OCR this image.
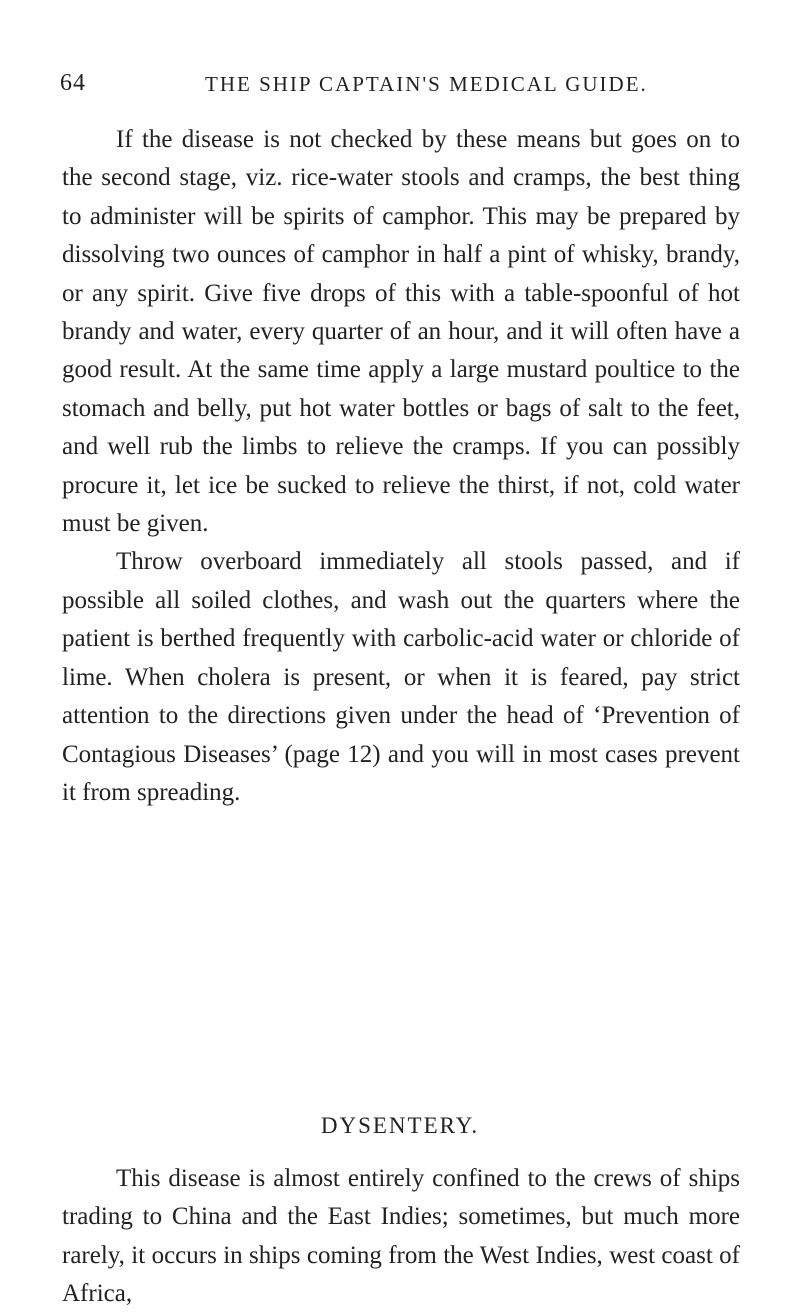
64	THE SHIP CAPTAIN'S MEDICAL GUIDE.

If the disease is not checked by these means but goes on to the second stage, viz. rice-water stools and cramps, the best thing to administer will be spirits of camphor. This may be prepared by dissolving two ounces of camphor in half a pint of whisky, brandy, or any spirit. Give five drops of this with a table-spoonful of hot brandy and water, every quarter of an hour, and it will often have a good result. At the same time apply a large mustard poultice to the stomach and belly, put hot water bottles or bags of salt to the feet, and well rub the limbs to relieve the cramps. If you can possibly procure it, let ice be sucked to relieve the thirst, if not, cold water must be given.

Throw overboard immediately all stools passed, and if possible all soiled clothes, and wash out the quarters where the patient is berthed frequently with carbolic-acid water or chloride of lime. When cholera is present, or when it is feared, pay strict attention to the directions given under the head of ‘Prevention of Contagious Diseases’ (page 12) and you will in most cases prevent it from spreading.

DYSENTERY.

This disease is almost entirely confined to the crews of ships trading to China and the East Indies; sometimes, but much more rarely, it occurs in ships coming from the West Indies, west coast of Africa,
